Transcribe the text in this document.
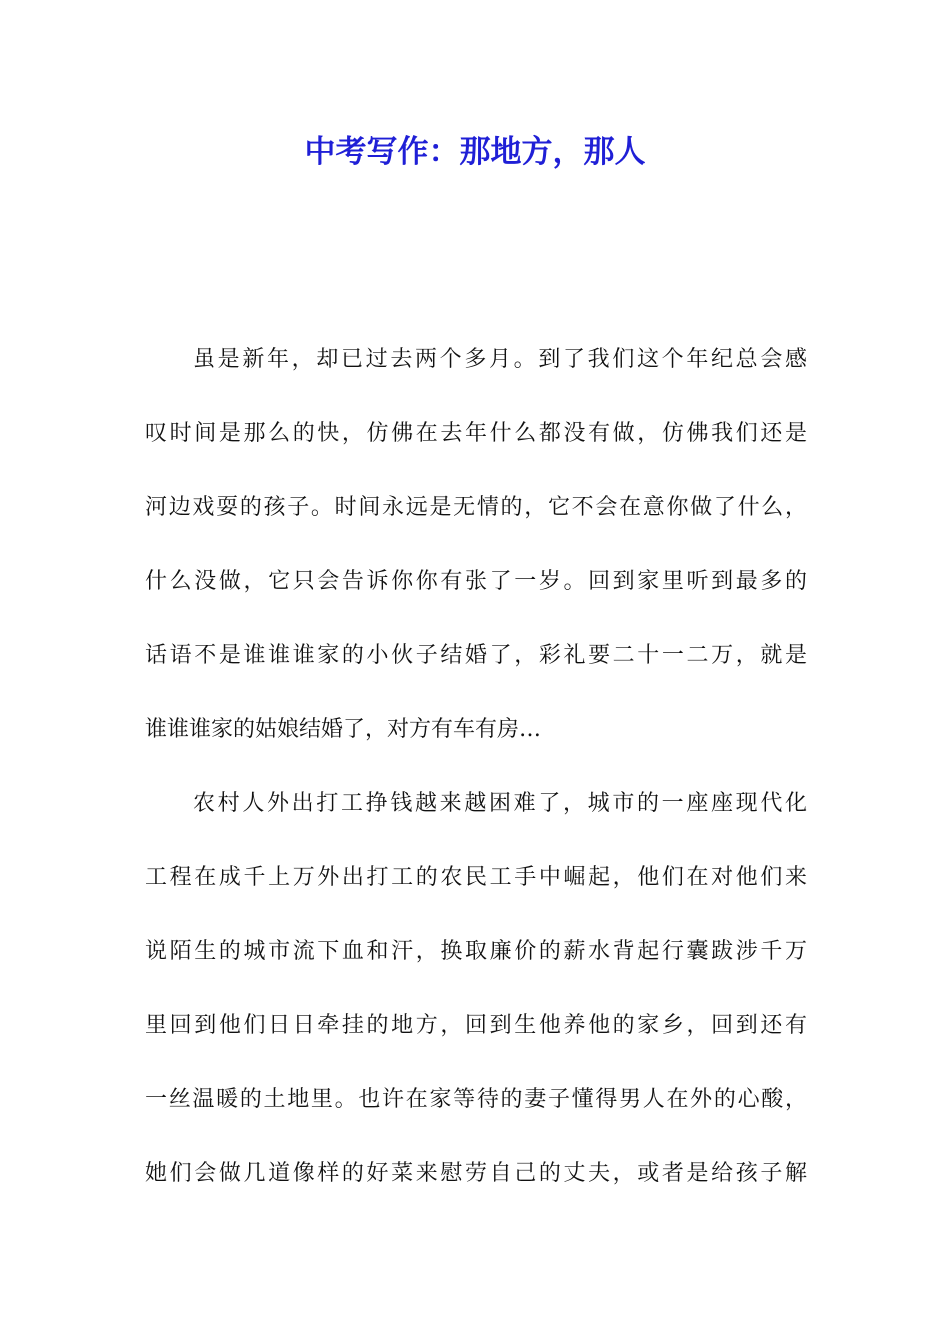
中考写作：那地方，那人
虽是新年，却已过去两个多月。到了我们这个年纪总会感
叹时间是那么的快，仿佛在去年什么都没有做，仿佛我们还是
河边戏耍的孩子。时间永远是无情的，它不会在意你做了什么，
什么没做，它只会告诉你你有张了一岁。回到家里听到最多的
话语不是谁谁谁家的小伙子结婚了，彩礼要二十一二万，就是
谁谁谁家的姑娘结婚了，对方有车有房…
农村人外出打工挣钱越来越困难了，城市的一座座现代化
工程在成千上万外出打工的农民工手中崛起，他们在对他们来
说陌生的城市流下血和汗，换取廉价的薪水背起行囊跋涉千万
里回到他们日日牵挂的地方，回到生他养他的家乡，回到还有
一丝温暖的土地里。也许在家等待的妻子懂得男人在外的心酸，
她们会做几道像样的好菜来慰劳自己的丈夫，或者是给孩子解
